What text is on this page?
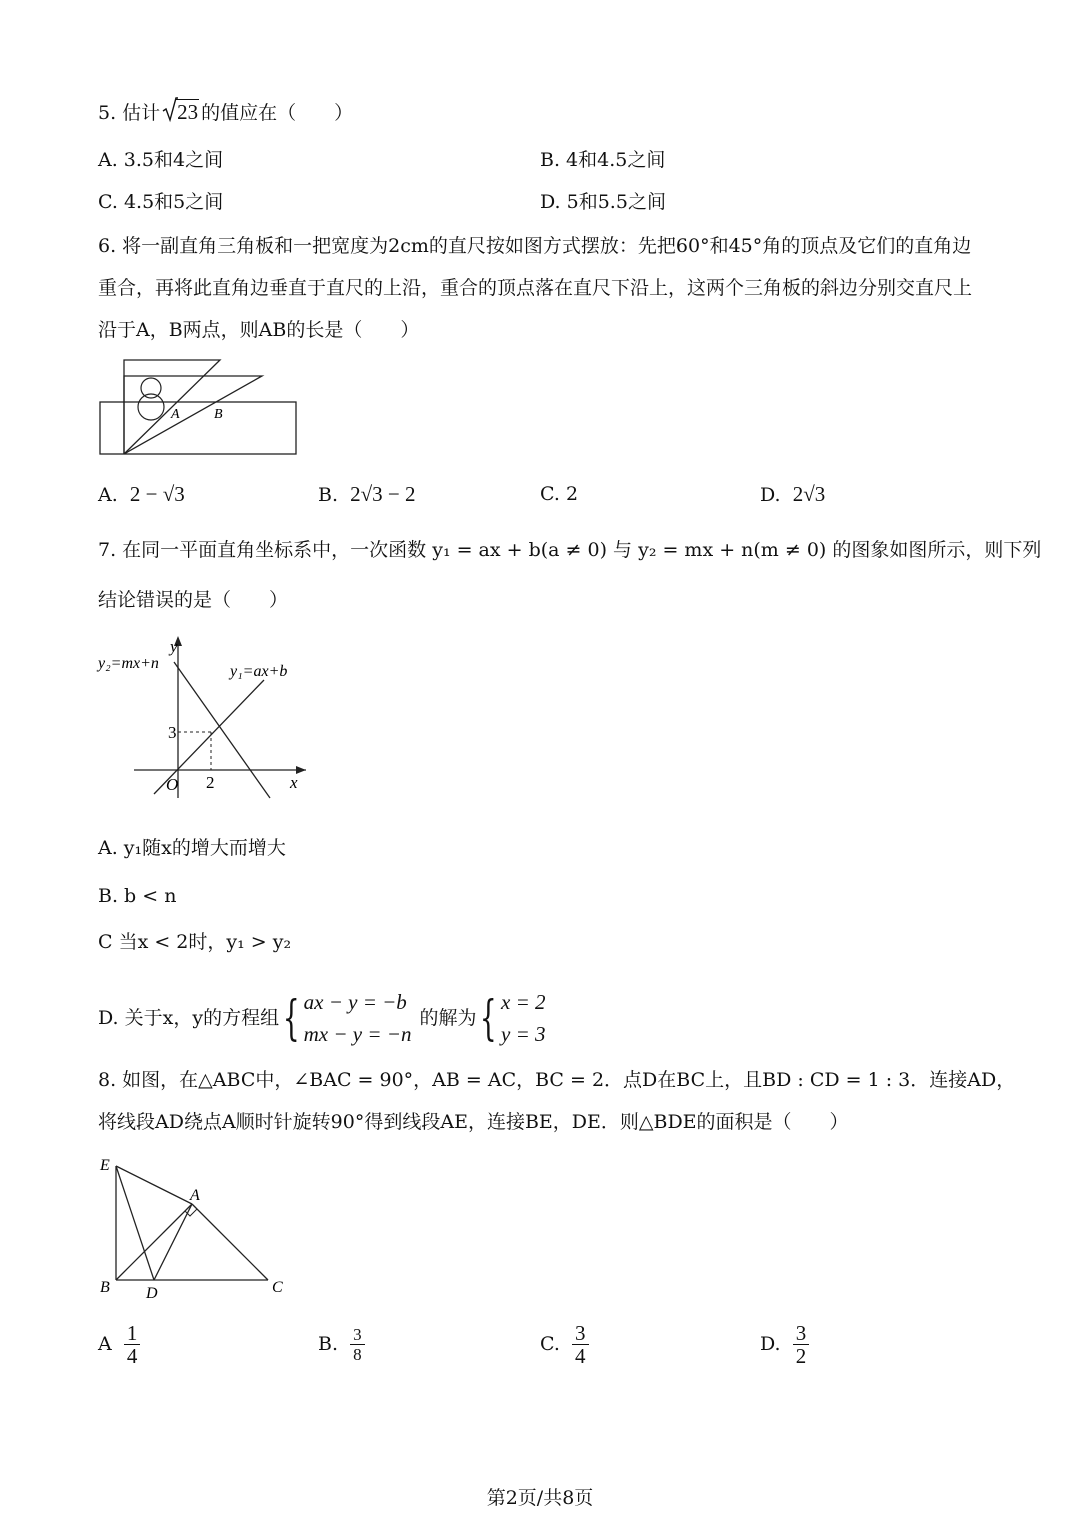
5. 估计 23 的值应在（　　）
A. 3.5和4之间	B. 4和4.5之间
C. 4.5和5之间	D. 5和5.5之间
6. 将一副直角三角板和一把宽度为2cm的直尺按如图方式摆放：先把60°和45°角的顶点及它们的直角边
重合，再将此直角边垂直于直尺的上沿，重合的顶点落在直尺下沿上，这两个三角板的斜边分别交直尺上
沿于A，B两点，则AB的长是（　　）
A B
A. 2 − √3	B. 2√3 − 2	C. 2	D. 2√3
7. 在同一平面直角坐标系中，一次函数 y₁ = ax + b(a ≠ 0) 与 y₂ = mx + n(m ≠ 0) 的图象如图所示，则下列
结论错误的是（　　）
y
x
O
y₂=mx+n	y₁=ax+b
3
2
A. y₁随x的增大而增大
B. b < n
C 当x < 2时，y₁ > y₂
D. 关于x，y的方程组 { ax − y = −b
mx − y = −n
的解为 { x = 2
y = 3
8. 如图，在△ABC中，∠BAC = 90°，AB = AC，BC = 2．点D在BC上，且BD : CD = 1 : 3．连接AD，
将线段AD绕点A顺时针旋转90°得到线段AE，连接BE，DE．则△BDE的面积是（　　）
E
A
B D	C
A
$\frac{1}{4}$	B.
$\frac{3}{8}$	C.
$\frac{3}{4}$	D.
$\frac{3}{2}$
第2页/共8页
